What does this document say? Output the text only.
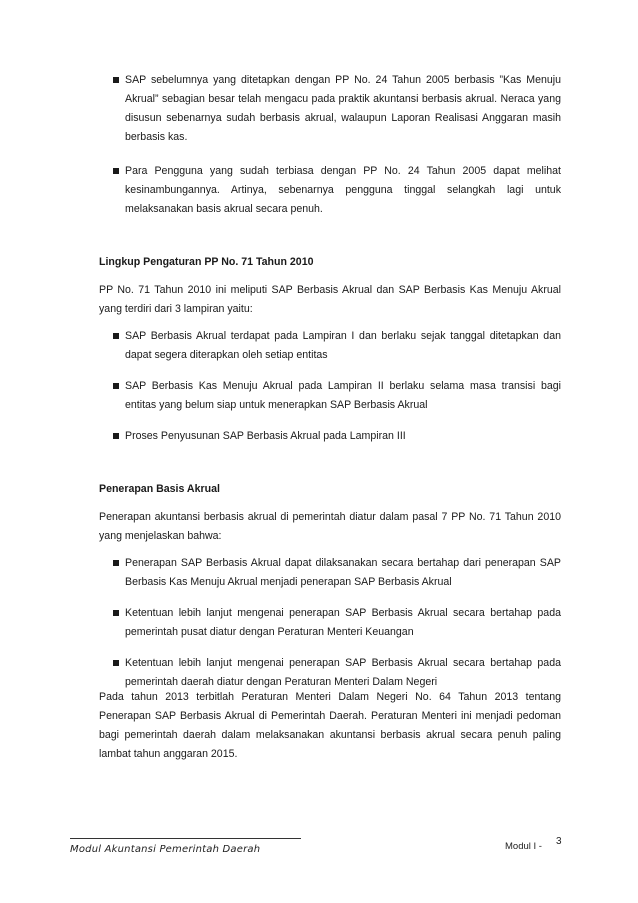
SAP sebelumnya yang ditetapkan dengan PP No. 24 Tahun 2005 berbasis ”Kas Menuju Akrual” sebagian besar telah mengacu pada praktik akuntansi berbasis akrual. Neraca yang disusun sebenarnya sudah berbasis akrual, walaupun Laporan Realisasi Anggaran masih berbasis kas.
Para Pengguna yang sudah terbiasa dengan PP No. 24 Tahun 2005 dapat melihat kesinambungannya. Artinya, sebenarnya pengguna tinggal selangkah lagi untuk melaksanakan basis akrual secara penuh.

Lingkup Pengaturan PP No. 71 Tahun 2010

PP No. 71 Tahun 2010 ini meliputi SAP Berbasis Akrual dan SAP Berbasis Kas Menuju Akrual yang terdiri dari 3 lampiran yaitu:

SAP Berbasis Akrual terdapat pada Lampiran I dan berlaku sejak tanggal ditetapkan dan dapat segera diterapkan oleh setiap entitas
SAP Berbasis Kas Menuju Akrual pada Lampiran II berlaku selama masa transisi bagi entitas yang belum siap untuk menerapkan SAP Berbasis Akrual
Proses Penyusunan SAP Berbasis Akrual pada Lampiran III

Penerapan Basis Akrual

Penerapan akuntansi berbasis akrual di pemerintah diatur dalam pasal 7 PP No. 71 Tahun 2010 yang menjelaskan bahwa:

Penerapan SAP Berbasis Akrual dapat dilaksanakan secara bertahap dari penerapan SAP Berbasis Kas Menuju Akrual menjadi penerapan SAP Berbasis Akrual
Ketentuan lebih lanjut mengenai penerapan SAP Berbasis Akrual secara bertahap pada pemerintah pusat diatur dengan Peraturan Menteri Keuangan
Ketentuan lebih lanjut mengenai penerapan SAP Berbasis Akrual secara bertahap pada pemerintah daerah diatur dengan Peraturan Menteri Dalam Negeri

Pada tahun 2013 terbitlah Peraturan Menteri Dalam Negeri No. 64 Tahun 2013 tentang Penerapan SAP Berbasis Akrual di Pemerintah Daerah. Peraturan Menteri ini menjadi pedoman bagi pemerintah daerah dalam melaksanakan akuntansi berbasis akrual secara penuh paling lambat tahun anggaran 2015.

Modul Akuntansi Pemerintah Daerah	Modul I - 3
